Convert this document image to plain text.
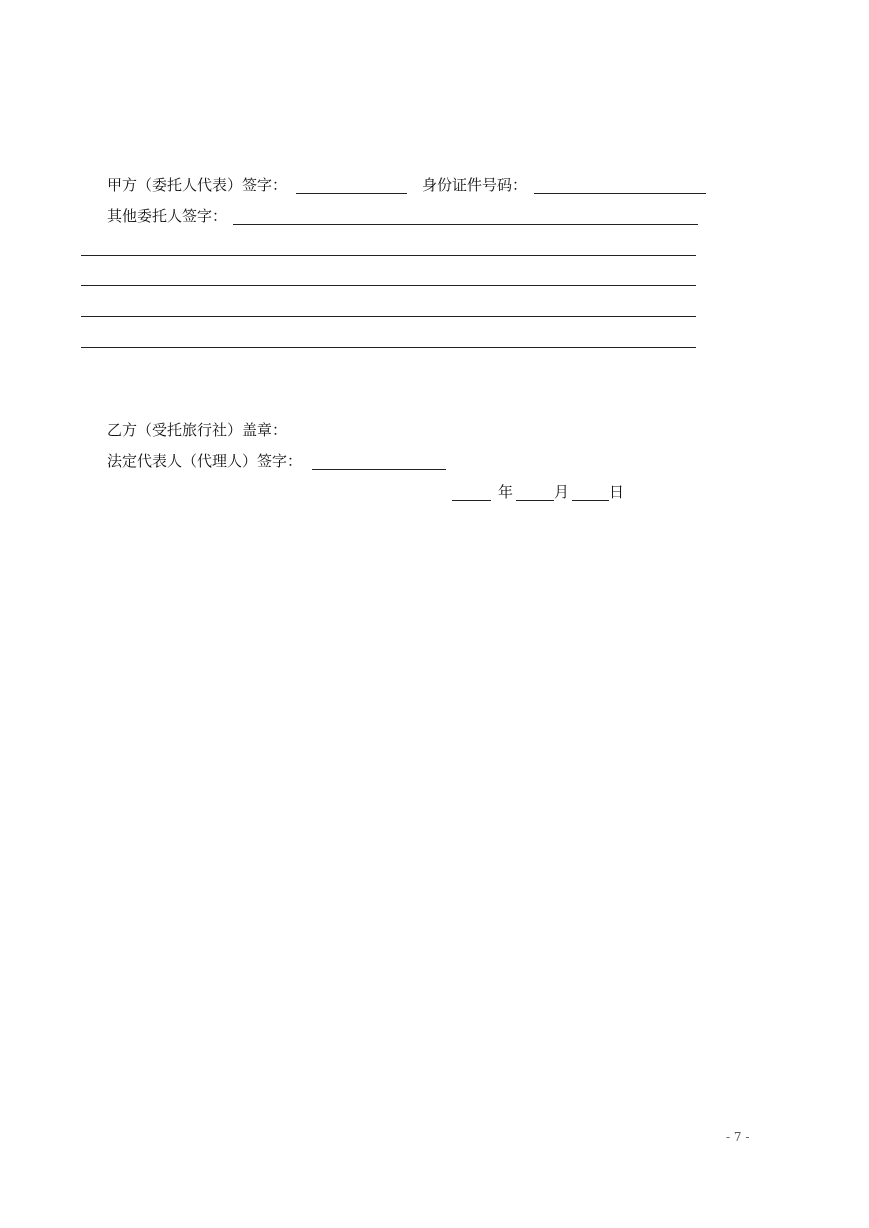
甲方（委托人代表）签字：	身份证件号码：
其他委托人签字：
乙方（受托旅行社）盖章：
法定代表人（代理人）签字：
年	月	日
- 7 -
